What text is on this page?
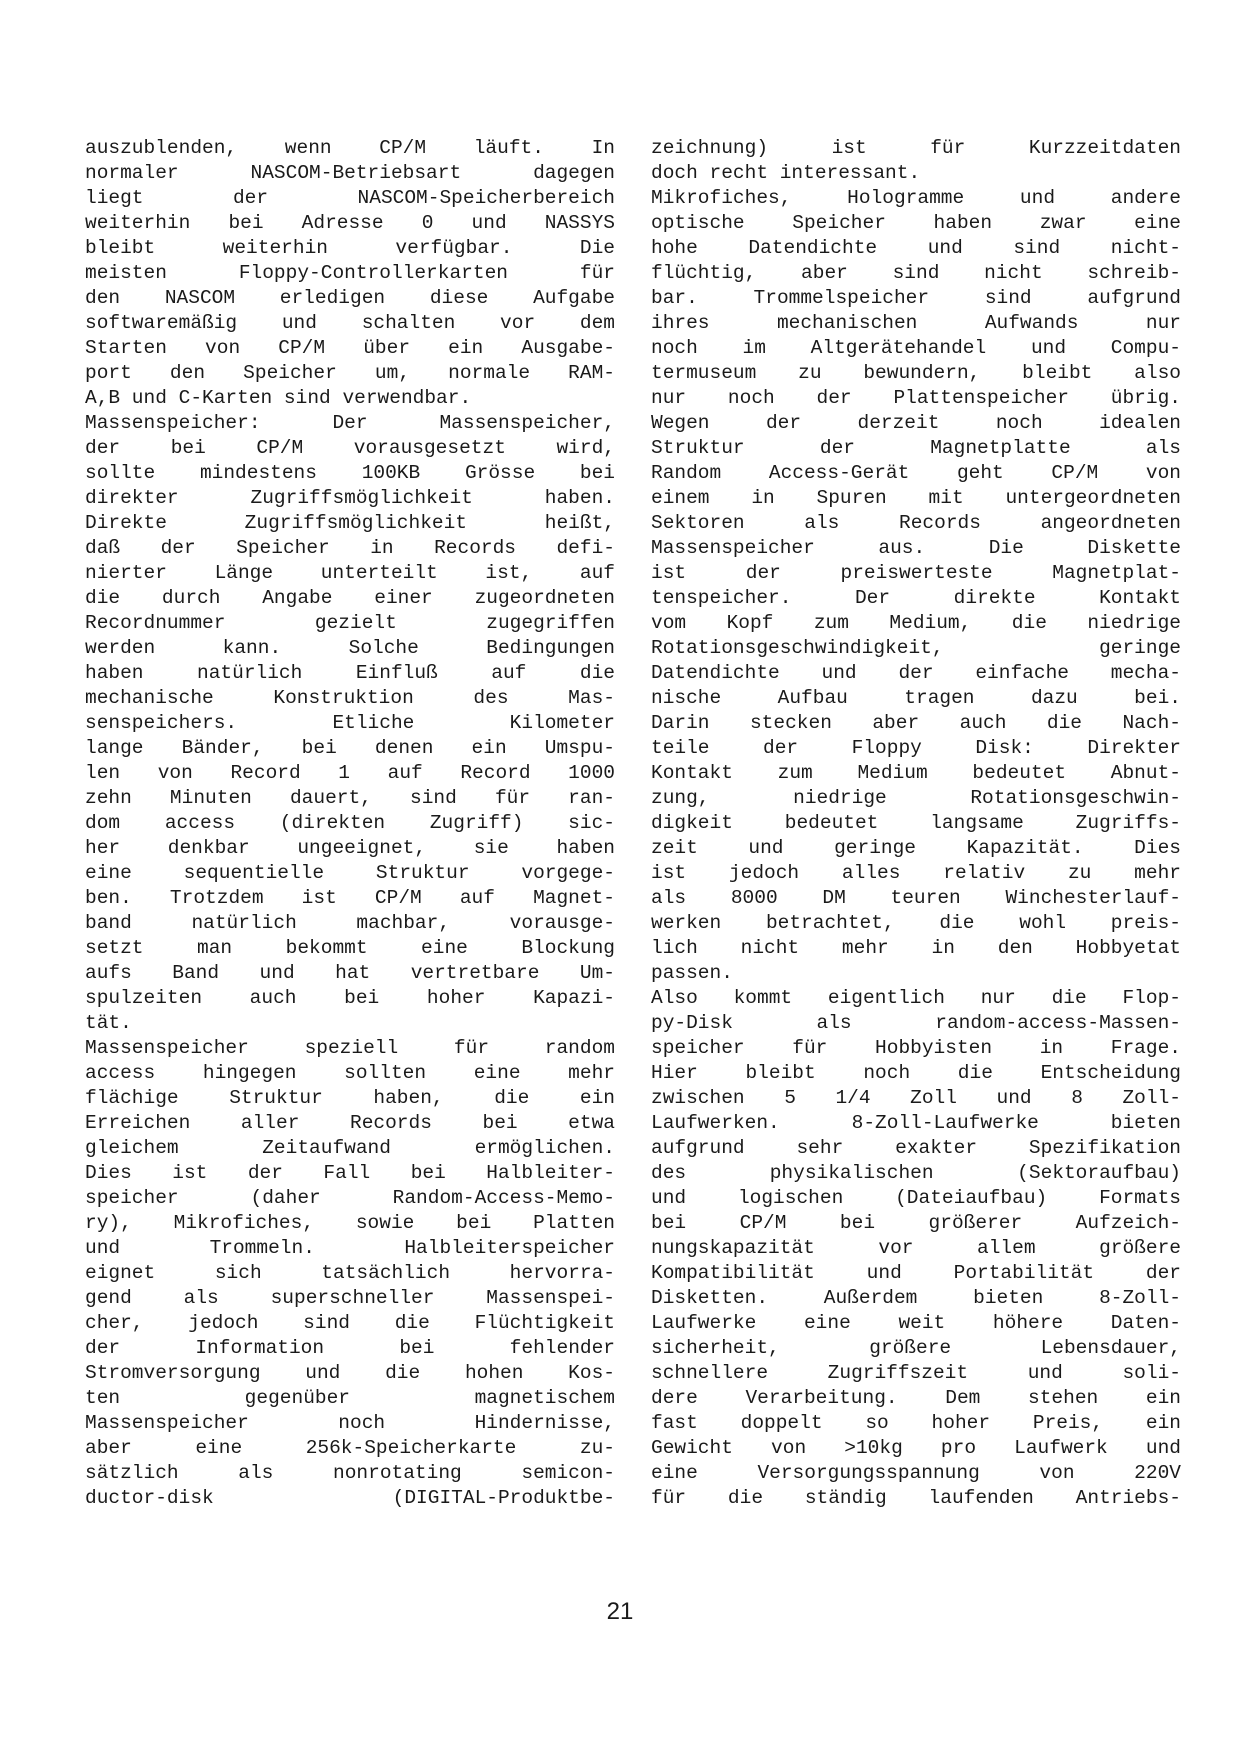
auszublenden, wenn CP/M läuft. In
normaler NASCOM-Betriebsart dagegen
liegt der NASCOM-Speicherbereich
weiterhin bei Adresse 0 und NASSYS
bleibt weiterhin verfügbar. Die
meisten Floppy-Controllerkarten für
den NASCOM erledigen diese Aufgabe
softwaremäßig und schalten vor dem
Starten von CP/M über ein Ausgabe-
port den Speicher um, normale RAM-
A,B und C-Karten sind verwendbar.
Massenspeicher: Der Massenspeicher,
der bei CP/M vorausgesetzt wird,
sollte mindestens 100KB Grösse bei
direkter Zugriffsmöglichkeit haben.
Direkte Zugriffsmöglichkeit heißt,
daß der Speicher in Records defi-
nierter Länge unterteilt ist, auf
die durch Angabe einer zugeordneten
Recordnummer gezielt zugegriffen
werden kann. Solche Bedingungen
haben natürlich Einfluß auf die
mechanische Konstruktion des Mas-
senspeichers. Etliche Kilometer
lange Bänder, bei denen ein Umspu-
len von Record 1 auf Record 1000
zehn Minuten dauert, sind für ran-
dom access (direkten Zugriff) sic-
her denkbar ungeeignet, sie haben
eine sequentielle Struktur vorgege-
ben. Trotzdem ist CP/M auf Magnet-
band natürlich machbar, vorausge-
setzt man bekommt eine Blockung
aufs Band und hat vertretbare Um-
spulzeiten auch bei hoher Kapazi-
tät.
Massenspeicher speziell für random
access hingegen sollten eine mehr
flächige Struktur haben, die ein
Erreichen aller Records bei etwa
gleichem Zeitaufwand ermöglichen.
Dies ist der Fall bei Halbleiter-
speicher (daher Random-Access-Memo-
ry), Mikrofiches, sowie bei Platten
und Trommeln. Halbleiterspeicher
eignet sich tatsächlich hervorra-
gend als superschneller Massenspei-
cher, jedoch sind die Flüchtigkeit
der Information bei fehlender
Stromversorgung und die hohen Kos-
ten gegenüber magnetischem
Massenspeicher noch Hindernisse,
aber eine 256k-Speicherkarte zu-
sätzlich als nonrotating semicon-
ductor-disk (DIGITAL-Produktbe-
zeichnung) ist für Kurzzeitdaten
doch recht interessant.
Mikrofiches, Hologramme und andere
optische Speicher haben zwar eine
hohe Datendichte und sind nicht-
flüchtig, aber sind nicht schreib-
bar. Trommelspeicher sind aufgrund
ihres mechanischen Aufwands nur
noch im Altgerätehandel und Compu-
termuseum zu bewundern, bleibt also
nur noch der Plattenspeicher übrig.
Wegen der derzeit noch idealen
Struktur der Magnetplatte als
Random Access-Gerät geht CP/M von
einem in Spuren mit untergeordneten
Sektoren als Records angeordneten
Massenspeicher aus. Die Diskette
ist der preiswerteste Magnetplat-
tenspeicher. Der direkte Kontakt
vom Kopf zum Medium, die niedrige
Rotationsgeschwindigkeit, geringe
Datendichte und der einfache mecha-
nische Aufbau tragen dazu bei.
Darin stecken aber auch die Nach-
teile der Floppy Disk: Direkter
Kontakt zum Medium bedeutet Abnut-
zung, niedrige Rotationsgeschwin-
digkeit bedeutet langsame Zugriffs-
zeit und geringe Kapazität. Dies
ist jedoch alles relativ zu mehr
als 8000 DM teuren Winchesterlauf-
werken betrachtet, die wohl preis-
lich nicht mehr in den Hobbyetat
passen.
Also kommt eigentlich nur die Flop-
py-Disk als random-access-Massen-
speicher für Hobbyisten in Frage.
Hier bleibt noch die Entscheidung
zwischen 5 1/4 Zoll und 8 Zoll-
Laufwerken. 8-Zoll-Laufwerke bieten
aufgrund sehr exakter Spezifikation
des physikalischen (Sektoraufbau)
und logischen (Dateiaufbau) Formats
bei CP/M bei größerer Aufzeich-
nungskapazität vor allem größere
Kompatibilität und Portabilität der
Disketten. Außerdem bieten 8-Zoll-
Laufwerke eine weit höhere Daten-
sicherheit, größere Lebensdauer,
schnellere Zugriffszeit und soli-
dere Verarbeitung. Dem stehen ein
fast doppelt so hoher Preis, ein
Gewicht von >10kg pro Laufwerk und
eine Versorgungsspannung von 220V
für die ständig laufenden Antriebs-
21
